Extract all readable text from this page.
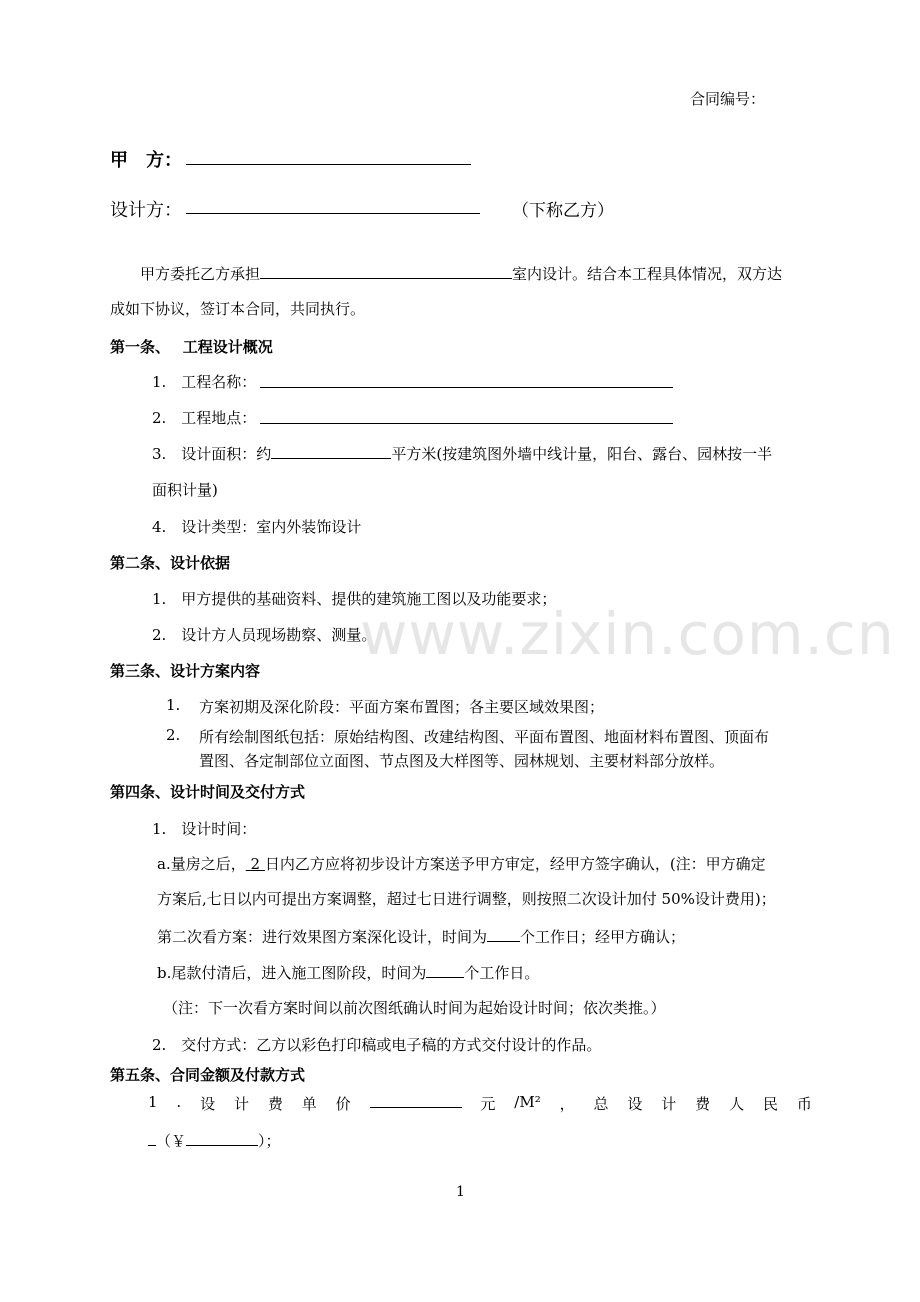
www.zixin.com.cn
合同编号：
甲　方：
设计方：	（下称乙方）
甲方委托乙方承担	室内设计。结合本工程具体情况，双方达
成如下协议，签订本合同，共同执行。
第一条、　 工程设计概况
1.　工程名称：
2.　工程地点：
3.　设计面积：约	平方米(按建筑图外墙中线计量，阳台、露台、园林按一半
面积计量)
4.　设计类型：室内外装饰设计
第二条、设计依据
1.　甲方提供的基础资料、提供的建筑施工图以及功能要求；
2.　设计方人员现场勘察、测量。
第三条、设计方案内容
1. 方案初期及深化阶段：平面方案布置图；各主要区域效果图；
2. 所有绘制图纸包括：原始结构图、改建结构图、平面布置图、地面材料布置图、顶面布
置图、各定制部位立面图、节点图及大样图等、园林规划、主要材料部分放样。
第四条、设计时间及交付方式
1.　设计时间：
a.量房之后， 2 日内乙方应将初步设计方案送予甲方审定，经甲方签字确认，(注：甲方确定
方案后,七日以内可提出方案调整，超过七日进行调整，则按照二次设计加付 50%设计费用)；
第二次看方案：进行效果图方案深化设计，时间为 个工作日；经甲方确认；
b.尾款付清后，进入施工图阶段，时间为	个工作日。
（注：下一次看方案时间以前次图纸确认时间为起始设计时间；依次类推。）
2.　交付方式：乙方以彩色打印稿或电子稿的方式交付设计的作品。
第五条、合同金额及付款方式
1 . 设 计 费 单 价	元 /M² ， 总 设 计 费 人 民 币
（￥	）；
1
